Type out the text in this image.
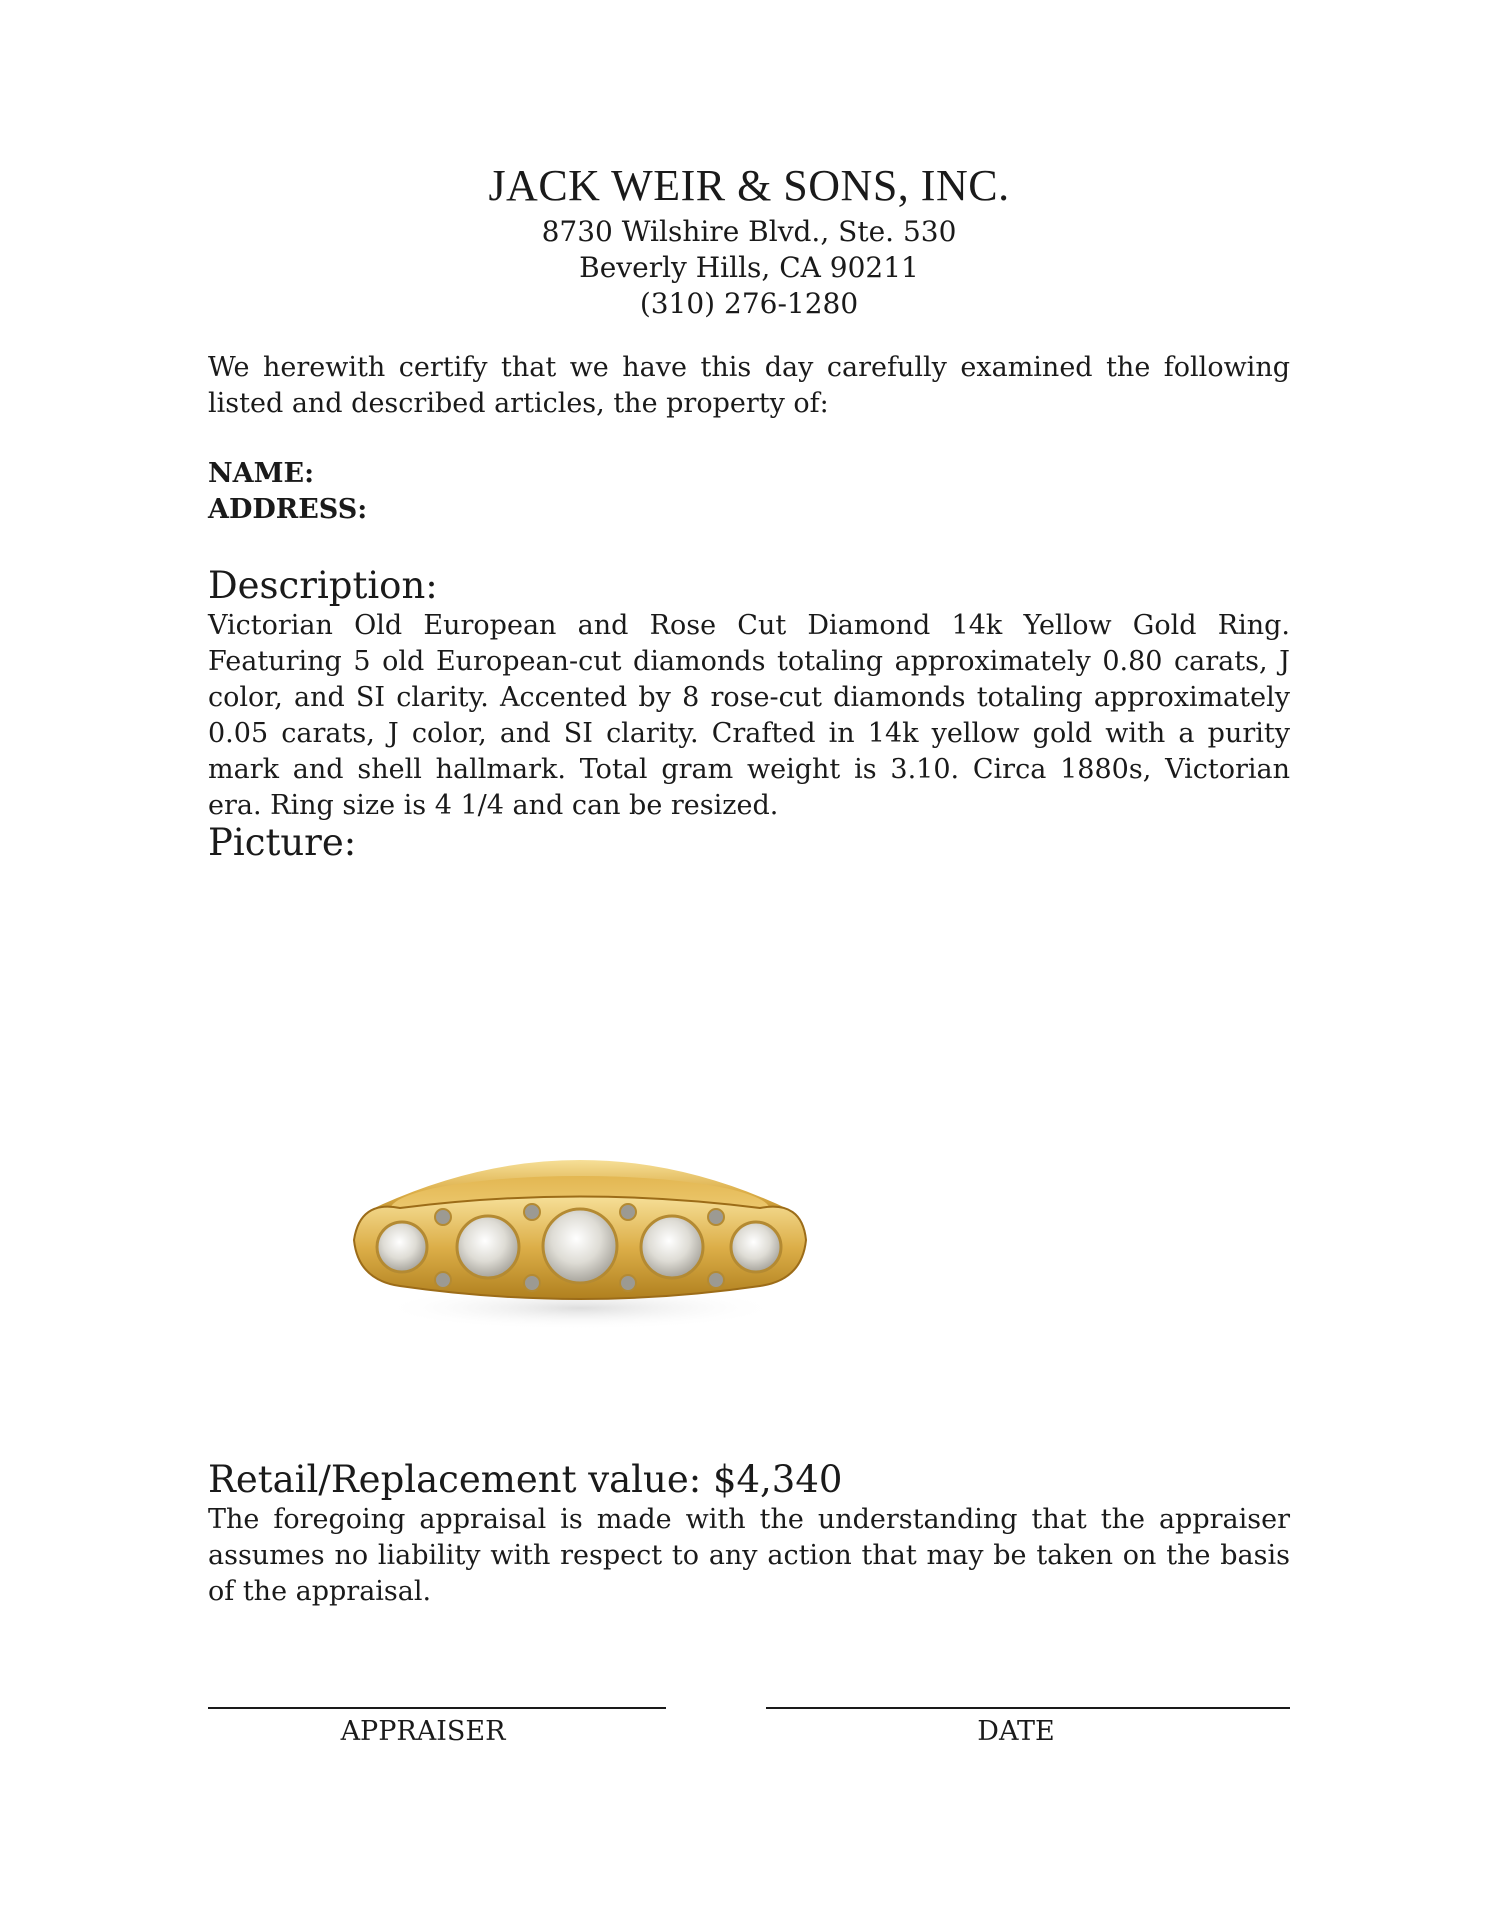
JACK WEIR & SONS, INC.
8730 Wilshire Blvd., Ste. 530
Beverly Hills, CA 90211
(310) 276-1280
We herewith certify that we have this day carefully examined the following listed and described articles, the property of:
NAME:
ADDRESS:
Description:
Victorian Old European and Rose Cut Diamond 14k Yellow Gold Ring. Featuring 5 old European-cut diamonds totaling approximately 0.80 carats, J color, and SI clarity. Accented by 8 rose-cut diamonds totaling approximately 0.05 carats, J color, and SI clarity. Crafted in 14k yellow gold with a purity mark and shell hallmark. Total gram weight is 3.10. Circa 1880s, Victorian era. Ring size is 4 1/4 and can be resized.
Picture:
Retail/Replacement value: $4,340
The foregoing appraisal is made with the understanding that the appraiser assumes no liability with respect to any action that may be taken on the basis of the appraisal.
APPRAISER	DATE
